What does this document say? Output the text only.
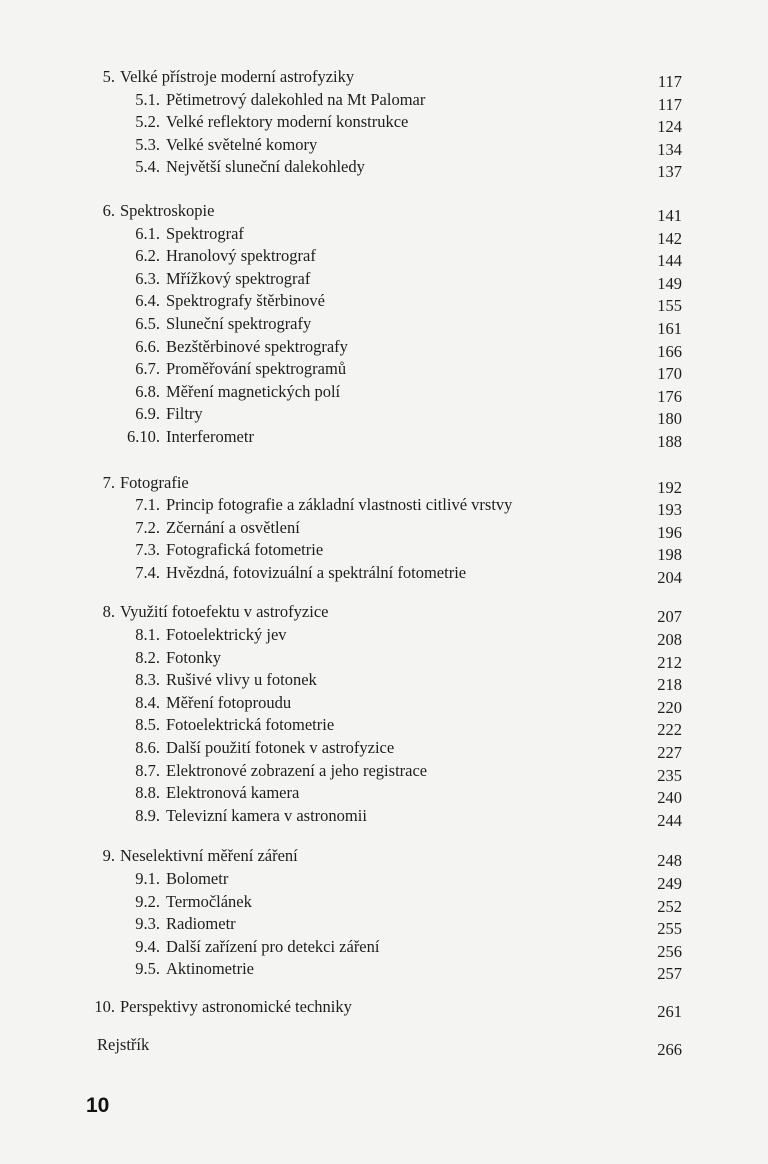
5. Velké přístroje moderní astrofyziky	117
5.1. Pětimetrový dalekohled na Mt Palomar	117
5.2. Velké reflektory moderní konstrukce	124
5.3. Velké světelné komory	134
5.4. Největší sluneční dalekohledy	137
6. Spektroskopie	141
6.1. Spektrograf	142
6.2. Hranolový spektrograf	144
6.3. Mřížkový spektrograf	149
6.4. Spektrografy štěrbinové	155
6.5. Sluneční spektrografy	161
6.6. Bezštěrbinové spektrografy	166
6.7. Proměřování spektrogramů	170
6.8. Měření magnetických polí	176
6.9. Filtry	180
6.10. Interferometr	188
7. Fotografie	192
7.1. Princip fotografie a základní vlastnosti citlivé vrstvy	193
7.2. Zčernání a osvětlení	196
7.3. Fotografická fotometrie	198
7.4. Hvězdná, fotovizuální a spektrální fotometrie	204
8. Využití fotoefektu v astrofyzice	207
8.1. Fotoelektrický jev	208
8.2. Fotonky	212
8.3. Rušivé vlivy u fotonek	218
8.4. Měření fotoproudu	220
8.5. Fotoelektrická fotometrie	222
8.6. Další použití fotonek v astrofyzice	227
8.7. Elektronové zobrazení a jeho registrace	235
8.8. Elektronová kamera	240
8.9. Televizní kamera v astronomii	244
9. Neselektivní měření záření	248
9.1. Bolometr	249
9.2. Termočlánek	252
9.3. Radiometr	255
9.4. Další zařízení pro detekci záření	256
9.5. Aktinometrie	257
10. Perspektivy astronomické techniky	261
Rejstřík	266
10
